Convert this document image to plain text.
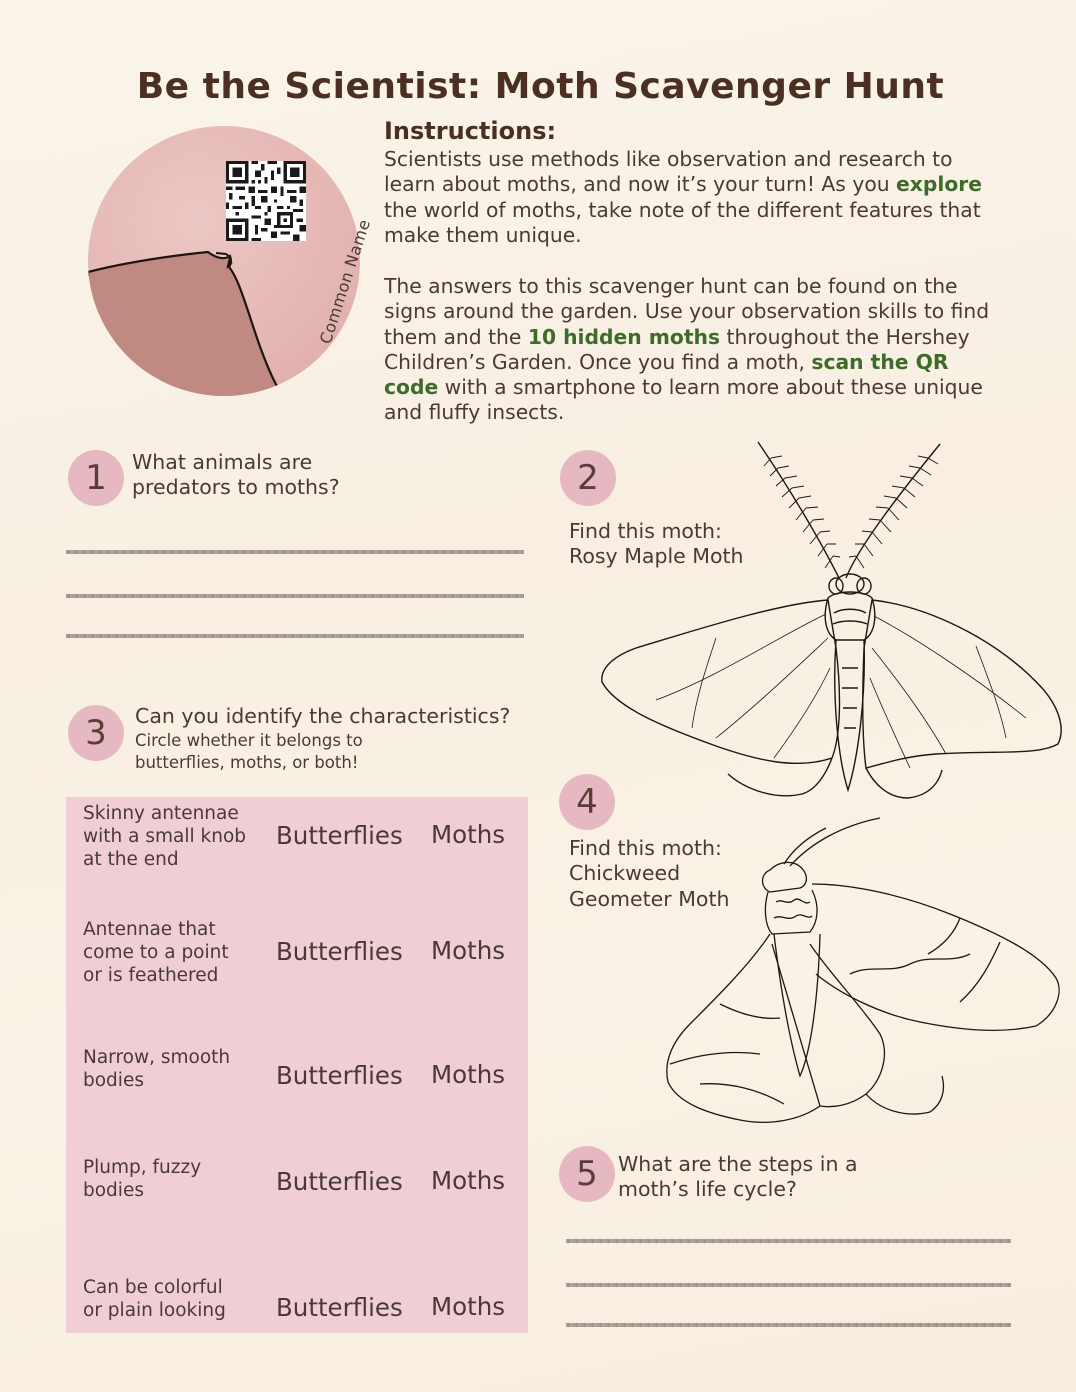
Be the Scientist: Moth Scavenger Hunt
Common Name
Instructions:
Scientists use methods like observation and research to learn about moths, and now it’s your turn! As you explore the world of moths, take note of the different features that make them unique.
The answers to this scavenger hunt can be found on the signs around the garden. Use your observation skills to find them and the 10 hidden moths throughout the Hershey Children’s Garden. Once you find a moth, scan the QR code with a smartphone to learn more about these unique and fluffy insects.
1	What animals are predators to moths?	2
Find this moth:
Rosy Maple Moth
3	Can you identify the characteristics?
Circle whether it belongs to butterflies, moths, or both!
Skinny antennae with a small knob at the end
Butterflies Moths
Antennae that come to a point or is feathered
Butterflies Moths
Narrow, smooth bodies	Butterflies Moths
Plump, fuzzy bodies	Butterflies Moths
Can be colorful or plain looking	Butterflies Moths
4
Find this moth:
Chickweed
Geometer Moth
5 What are the steps in a moth’s life cycle?
